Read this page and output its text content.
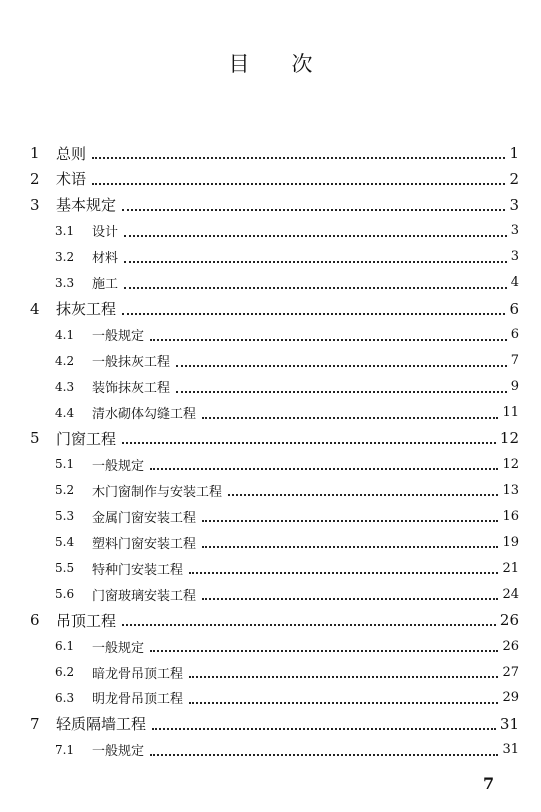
目 次
1 总则	1
2 术语	2
3 基本规定	3
3.1 设计	3
3.2 材料	3
3.3 施工	4
4 抹灰工程	6
4.1 一般规定	6
4.2 一般抹灰工程	7
4.3 装饰抹灰工程	9
4.4 清水砌体勾缝工程	11
5 门窗工程	12
5.1 一般规定	12
5.2 木门窗制作与安装工程	13
5.3 金属门窗安装工程	16
5.4 塑料门窗安装工程	19
5.5 特种门安装工程	21
5.6 门窗玻璃安装工程	24
6 吊顶工程	26
6.1 一般规定	26
6.2 暗龙骨吊顶工程	27
6.3 明龙骨吊顶工程	29
7 轻质隔墙工程	31
7.1 一般规定	31
7
